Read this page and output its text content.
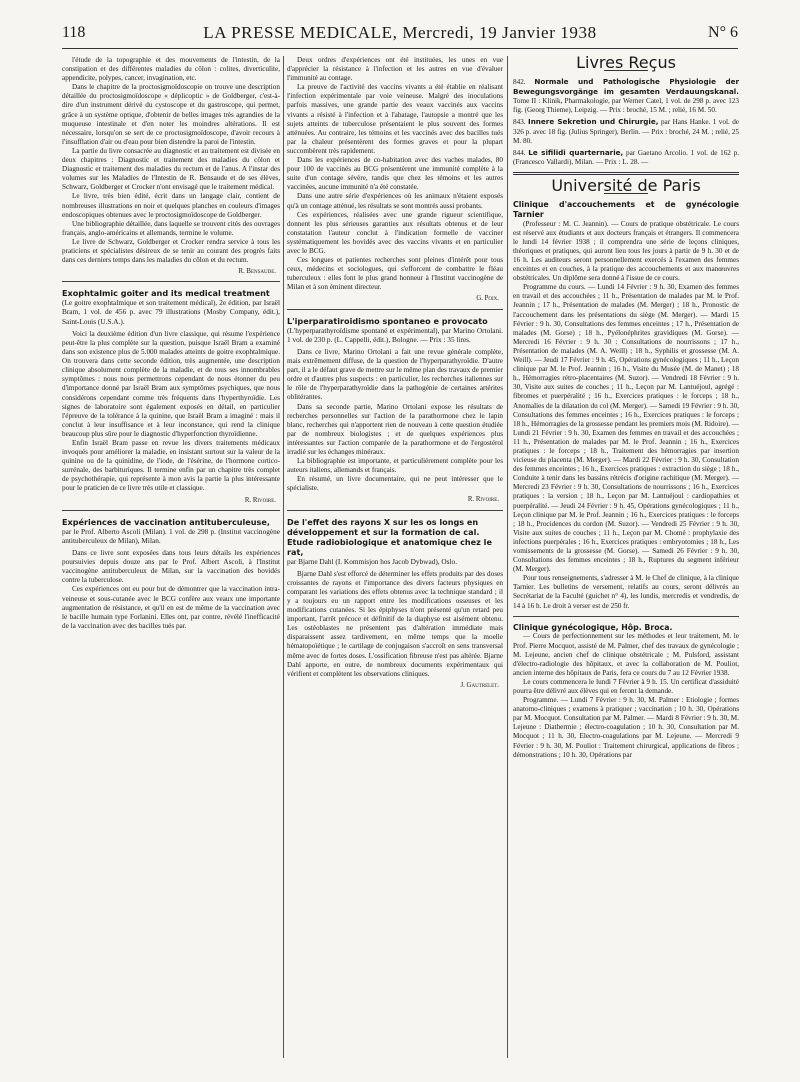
118	LA PRESSE MEDICALE, Mercredi, 19 Janvier 1938	N° 6

l'étude de la topographie et des mouvements de l'intestin, de la constipation et des différentes maladies du côlon : colites, diverticulite, appendicite, polypes, cancer, invagination, etc.

Dans le chapitre de la proctosigmoïdoscopie on trouve une description détaillée du proctosigmoïdoscope « déplicoptic » de Goldberger, c'est-à-dire d'un instrument dérivé du cystoscope et du gastroscope, qui permet, grâce à un système optique, d'obtenir de belles images très agrandies de la muqueuse intestinale et d'en noter les moindres altérations. Il est nécessaire, lorsqu'on se sert de ce proctosigmoïdoscope, d'avoir recours à l'insufflation d'air ou d'eau pour bien distendre la paroi de l'intestin.

La partie du livre consacrée au diagnostic et au traitement est divisée en deux chapitres : Diagnostic et traitement des maladies du côlon et Diagnostic et traitement des maladies du rectum et de l'anus. A l'instar des volumes sur les Maladies de l'Intestin de R. Bensaude et de ses élèves, Schwarz, Goldberger et Crocker n'ont envisagé que le traitement médical.

Le livre, très bien édité, écrit dans un langage clair, contient de nombreuses illustrations en noir et quelques planches en couleurs d'images endoscopiques obtenues avec le proctosigmoïdoscope de Goldberger.

Une bibliographie détaillée, dans laquelle se trouvent cités des ouvrages français, anglo-américains et allemands, termine le volume.

Le livre de Schwarz, Goldberger et Crocker rendra service à tous les praticiens et spécialistes désireux de se tenir au courant des progrès faits dans ces derniers temps dans les maladies du côlon et du rectum.

R. Bensaude.

Exophtalmic goiter and its medical treatment

(Le goitre exophtalmique et son traitement médical), 2e édition, par Israël Bram, 1 vol. de 456 p. avec 79 illustrations (Mosby Company, édit.), Saint-Louis (U.S.A.).

Voici la deuxième édition d'un livre classique, qui résume l'expérience peut-être la plus complète sur la question, puisque Israël Bram a examiné dans son existence plus de 5.000 malades atteints de goitre exophtalmique. On trouvera dans cette seconde édition, très augmentée, une description clinique absolument complète de la maladie, et de tous ses innombrables symptômes : nous nous permettrons cependant de nous étonner du peu d'importance donné par Israël Bram aux symptômes psychiques, que nous considérons cependant comme très fréquents dans l'hyperthyroïdie. Les signes de laboratoire sont également exposés en détail, en particulier l'épreuve de la tolérance à la quinine, que Israël Bram a imaginé : mais il conclut à leur insuffisance et à leur inconstance, qui rend la clinique beaucoup plus sûre pour le diagnostic d'hyperfonction thyroïdienne.

Enfin Israël Bram passe en revue les divers traitements médicaux invoqués pour améliorer la maladie, en insistant surtout sur la valeur de la quinine ou de la quinidine, de l'iode, de l'ésérine, de l'hormone cortico-surrénale, des barbituriques. Il termine enfin par un chapitre très complet de psychothérapie, qui représente à mon avis la partie la plus intéressante pour le praticien de ce livre très utile et classique.

R. Rivoire.

Expériences de vaccination antituberculeuse,

par le Prof. Alberto Ascoli (Milan). 1 vol. de 298 p. (Institut vaccinogène antituberculeux de Milan), Milan.

Dans ce livre sont exposées dans tous leurs détails les expériences poursuivies depuis douze ans par le Prof. Albert Ascoli, à l'Institut vaccinogène antituberculeux de Milan, sur la vaccination des bovidés contre la tuberculose.

Ces expériences ont eu pour but de démontrer que la vaccination intra-veineuse et sous-cutanée avec le BCG confère aux veaux une importante augmentation de résistance, et qu'il en est de même de la vaccination avec le bacille humain type Forlanini. Elles ont, par contre, révélé l'inefficacité de la vaccination avec des bacilles tués par.

Deux ordres d'expériences ont été instituées, les unes en vue d'apprécier la résistance à l'infection et les autres en vue d'évaluer l'immunité au contage.

La preuve de l'activité des vaccins vivants a été établie en réalisant l'infection expérimentale par voie veineuse. Malgré des inoculations parfois massives, une grande partie des veaux vaccinés aux vaccins vivants a résisté à l'infection et à l'abatage, l'autopsie a montré que les sujets atteints de tuberculose présentaient le plus souvent des formes atténuées. Au contraire, les témoins et les vaccinés avec des bacilles tués par la chaleur présentèrent des formes graves et pour la plupart succombèrent très rapidement.

Dans les expériences de co-habitation avec des vaches malades, 80 pour 100 de vaccinés au BCG présentèrent une immunité complète à la suite d'un contage sévère, tandis que chez les témoins et les autres vaccinées, aucune immunité n'a été constatée.

Dans une autre série d'expériences où les animaux n'étaient exposés qu'à un contage atténué, les résultats se sont montrés aussi probants.

Ces expériences, réalisées avec une grande rigueur scientifique, donnent les plus sérieuses garanties aux résultats obtenus et de leur constatation l'auteur conclut à l'indication formelle de vacciner systématiquement les bovidés avec des vaccins vivants et en particulier avec le BCG.

Ces longues et patientes recherches sont pleines d'intérêt pour tous ceux, médecins et sociologues, qui s'efforcent de combattre le fléau tuberculeux : elles font le plus grand honneur à l'Institut vaccinogène de Milan et à son éminent directeur.

G. Poix.

L'iperparatiroidismo spontaneo e provocato

(L'hyperparathyroïdisme spontané et expérimental), par Marino Ortolani. 1 vol. de 230 p. (L. Cappelli, édit.), Bologne. — Prix : 35 lires.

Dans ce livre, Marino Ortolani a fait une revue générale complète, mais extrêmement diffuse, de la question de l'hyperparathyroïdie. D'autre part, il a le défaut grave de mettre sur le même plan des travaux de premier ordre et d'autres plus suspects : en particulier, les recherches italiennes sur le rôle de l'hyperparathyroïdie dans la pathogénie de certaines artérites oblitérantes.

Dans sa seconde partie, Marino Ortolani expose les résultats de recherches personnelles sur l'action de la parathormone chez le lapin blanc, recherches qui n'apportent rien de nouveau à cette question étudiée par de nombreux biologistes ; et de quelques expériences plus intéressantes sur l'action comparée de la parathormone et de l'ergostérol irradié sur les échanges minéraux.

La bibliographie est importante, et particulièrement complète pour les auteurs italiens, allemands et français.

En résumé, un livre documentaire, qui ne peut intéresser que le spécialiste.

R. Rivoire.

De l'effet des rayons X sur les os longs en développement et sur la formation de cal. Etude radiobiologique et anatomique chez le rat,

par Bjarne Dahl (I. Kommisjon hos Jacob Dybwad), Oslo.

Bjarne Dahl s'est efforcé de déterminer les effets produits par des doses croissantes de rayons et l'importance des divers facteurs physiques en comparant les variations des effets obtenus avec la technique standard ; il y a toujours eu un rapport entre les modifications osseuses et les modifications cutanées. Si les épiphyses n'ont présenté qu'un retard peu important, l'arrêt précoce et définitif de la diaphyse est aisément obtenu. Les ostéoblastes ne présentent pas d'altération immédiate mais disparaissent assez tardivement, en même temps que la moelle hématopoïétique ; le cartilage de conjugaison s'accroît en sens transversal même avec de fortes doses. L'ossification fibreuse n'est pas altérée. Bjarne Dahl apporte, en outre, de nombreux documents expérimentaux qui vérifient et complètent les observations cliniques.

J. Gautrelet.

Livres Reçus

842. Normale und Pathologische Physiologie der Bewegungsvorgänge im gesamten Verdauungskanal. Tome II : Klinik, Pharmakologie, par Werner Catel, 1 vol. de 298 p. avec 123 fig. (Georg Thieme), Leipzig. — Prix : broché, 15 M. ; relié, 16 M. 50.

843. Innere Sekretion und Chirurgie, par Hans Hanke. 1 vol. de 326 p. avec 18 fig. (Julius Springer), Berlin. — Prix : broché, 24 M. ; relié, 25 M. 80.

844. Le sifilidi quarternarie, par Gaetano Arcolio. 1 vol. de 162 p. (Francesco Vallardi), Milan. — Prix : L. 28. —

Université de Paris

Clinique d'accouchements et de gynécologie Tarnier

(Professeur : M. C. Jeannin). — Cours de pratique obstétricale. Le cours est réservé aux étudiants et aux docteurs français et étrangers. Il commencera le lundi 14 février 1938 ; il comprendra une série de leçons cliniques, théoriques et pratiques, qui auront lieu tous les jours à partir de 9 h. 30 et de 16 h. Les auditeurs seront personnellement exercés à l'examen des femmes enceintes et en couches, à la pratique des accouchements et aux manœuvres obstétricales. Un diplôme sera donné à l'issue de ce cours.

Programme du cours. — Lundi 14 Février : 9 h. 30, Examen des femmes en travail et des accouchées ; 11 h., Présentation de malades par M. le Prof. Jeannin ; 17 h., Présentation de malades (M. Merger) ; 18 h., Pronostic de l'accouchement dans les présentations du siège (M. Merger). — Mardi 15 Février : 9 h. 30, Consultations des femmes enceintes ; 17 h., Présentation de malades (M. Gorse) ; 18 h., Pyélonéphrites gravidiques (M. Gorse). — Mercredi 16 Février : 9 h. 30 : Consultations de nourrissons ; 17 h., Présentation de malades (M. A. Weill) ; 18 h., Syphilis et grossesse (M. A. Weill). — Jeudi 17 Février : 9 h. 45, Opérations gynécologiques ; 11 h., Leçon clinique par M. le Prof. Jeannin ; 16 h., Visite du Musée (M. de Manet) ; 18 h., Hémorragies rétro-placentaires (M. Suzor). — Vendredi 18 Février : 9 h. 30, Visite aux suites de couches ; 11 h., Leçon par M. Lantuéjoul, agrégé : fibromes et puerpéralité ; 16 h., Exercices pratiques : le forceps ; 18 h., Anomalies de la dilatation du col (M. Merger). — Samedi 19 Février : 9 h. 30, Consultations des femmes enceintes ; 16 h., Exercices pratiques : le forceps ; 18 h., Hémorragies de la grossesse pendant les premiers mois (M. Ridoire). — Lundi 21 Février : 9 h. 30, Examen des femmes en travail et des accouchées ; 11 h., Présentation de malades par M. le Prof. Jeannin ; 16 h., Exercices pratiques : le forceps ; 18 h., Traitement des hémorragies par insertion vicieuse du placenta (M. Merger). — Mardi 22 Février : 9 h. 30, Consultation des femmes enceintes ; 16 h., Exercices pratiques : extraction du siège ; 18 h., Conduite à tenir dans les bassins rétrécis d'origine rachitique (M. Merger). — Mercredi 23 Février : 9 h. 30, Consultations de nourrissons ; 16 h., Exercices pratiques : la version ; 18 h., Leçon par M. Lantuéjoul : cardiopathies et puerpéralité. — Jeudi 24 Février : 9 h. 45, Opérations gynécologiques ; 11 h., Leçon clinique par M. le Prof. Jeannin ; 16 h., Exercices pratiques : le forceps ; 18 h., Procidences du cordon (M. Suzor). — Vendredi 25 Février : 9 h. 30, Visite aux suites de couches ; 11 h., Leçon par M. Chomé : prophylaxie des infections puerpérales ; 16 h., Exercices pratiques : embryotomies ; 18 h., Les vomissements de la grossesse (M. Gorse). — Samedi 26 Février : 9 h. 30, Consultations des femmes enceintes ; 18 h., Ruptures du segment inférieur (M. Merger).

Pour tous renseignements, s'adresser à M. le Chef de clinique, à la clinique Tarnier. Les bulletins de versement, relatifs au cours, seront délivrés au Secrétariat de la Faculté (guichet n° 4), les lundis, mercredis et vendredis, de 14 à 16 h. Le droit à verser est de 250 fr.

Clinique gynécologique, Hôp. Broca.

— Cours de perfectionnement sur les méthodes et leur traitement, M. le Prof. Pierre Mocquot, assisté de M. Palmer, chef des travaux de gynécologie ; M. Lejeune, ancien chef de clinique obstétricale ; M. Pulsford, assistant d'électro-radiologie des hôpitaux, et avec la collaboration de M. Pouliot, ancien interne des hôpitaux de Paris, fera ce cours du 7 au 12 Février 1938.

Le cours commencera le lundi 7 Février à 9 h. 15. Un certificat d'assiduité pourra être délivré aux élèves qui en feront la demande.

Programme. — Lundi 7 Février : 9 h. 30, M. Palmer : Etiologie ; formes anatomo-cliniques ; examens à pratiquer ; vaccination ; 10 h. 30, Opérations par M. Mocquot. Consultation par M. Palmer. — Mardi 8 Février : 9 h. 30, M. Lejeune : Diathermie ; électro-coagulation ; 10 h. 30, Consultation par M. Mocquot ; 11 h. 30, Electro-coagulations par M. Lejeune. — Mercredi 9 Février : 9 h. 30, M. Pouliot : Traitement chirurgical, applications de fibros ; démonstrations ; 10 h. 30, Opérations par
